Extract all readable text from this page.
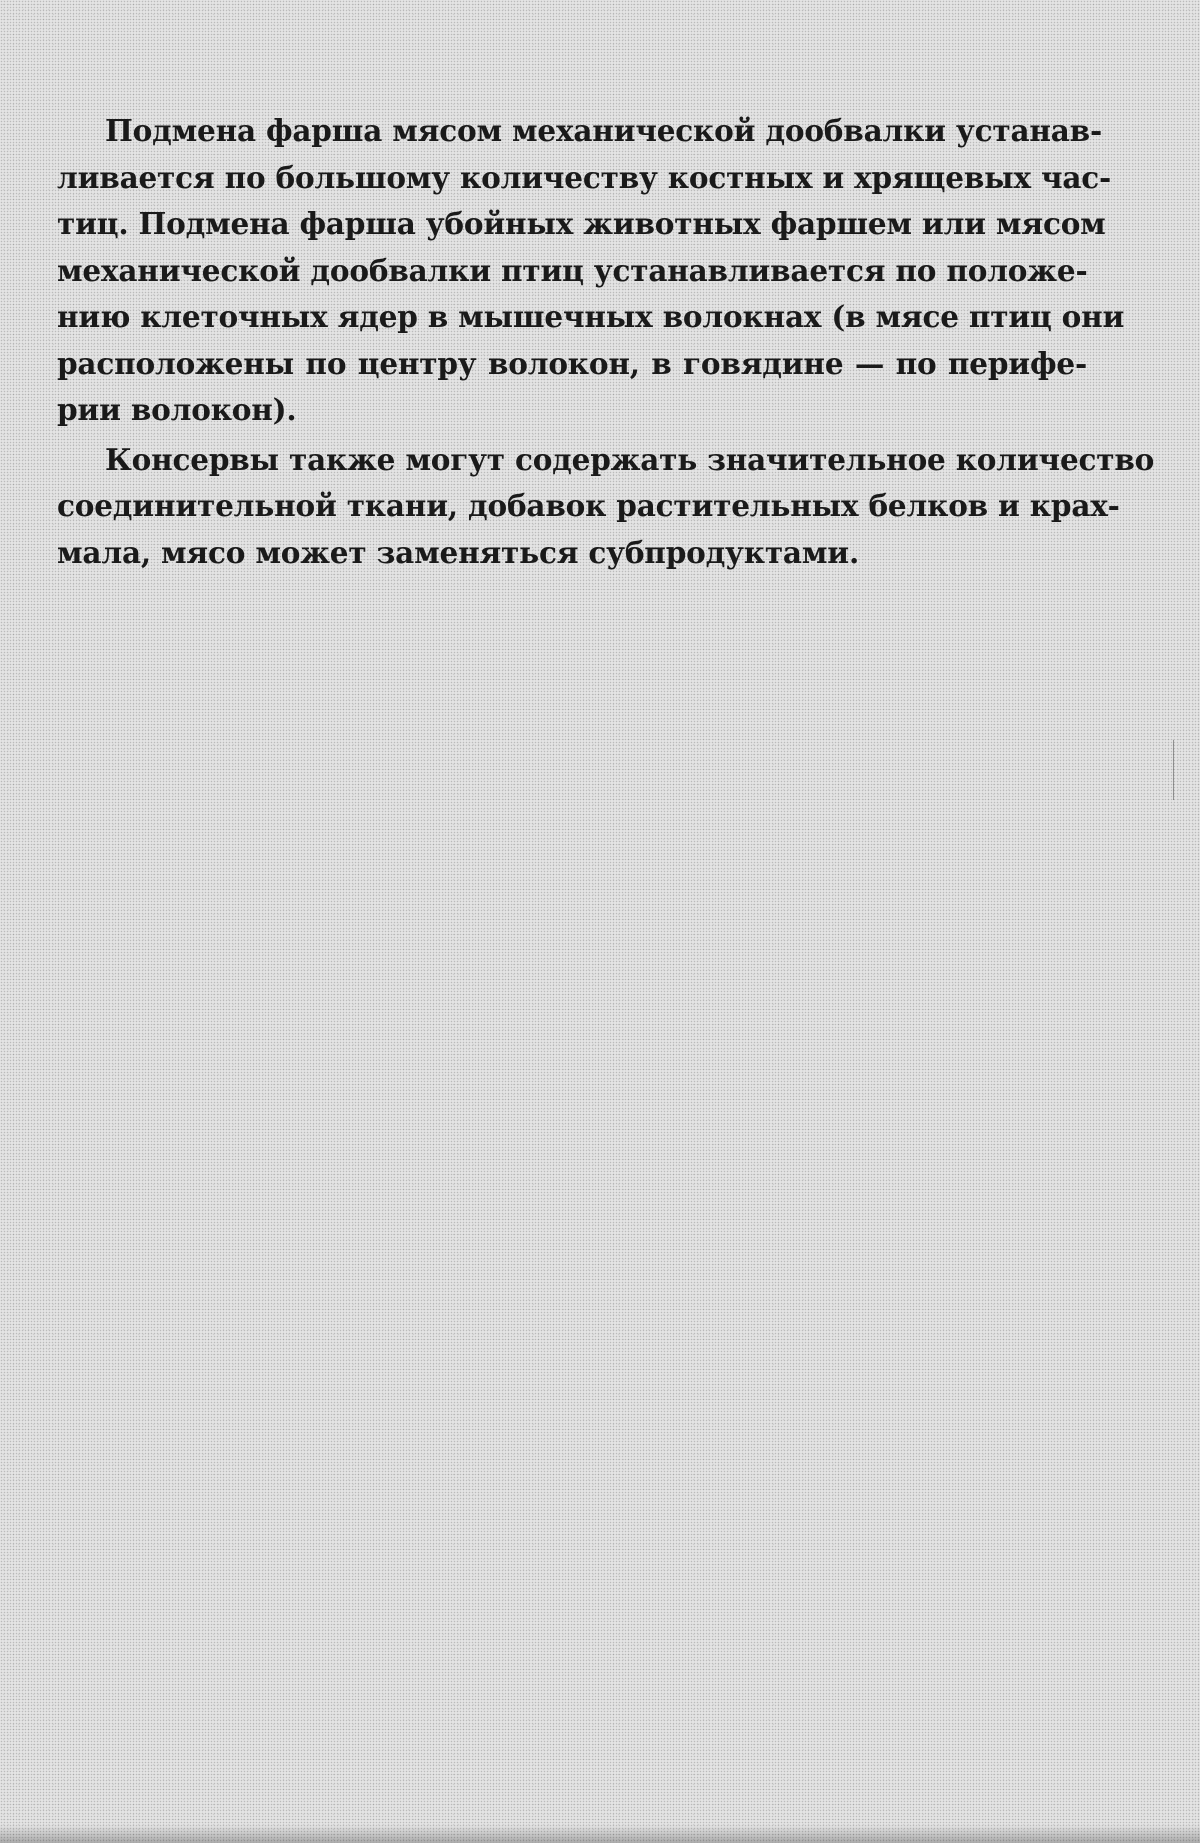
Подмена фарша мясом механической дообвалки устанав-
ливается по большому количеству костных и хрящевых час-
тиц. Подмена фарша убойных животных фаршем или мясом
механической дообвалки птиц устанавливается по положе-
нию клеточных ядер в мышечных волокнах (в мясе птиц они
расположены по центру волокон, в говядине — по перифе-
рии волокон).
Консервы также могут содержать значительное количество
соединительной ткани, добавок растительных белков и крах-
мала, мясо может заменяться субпродуктами.
